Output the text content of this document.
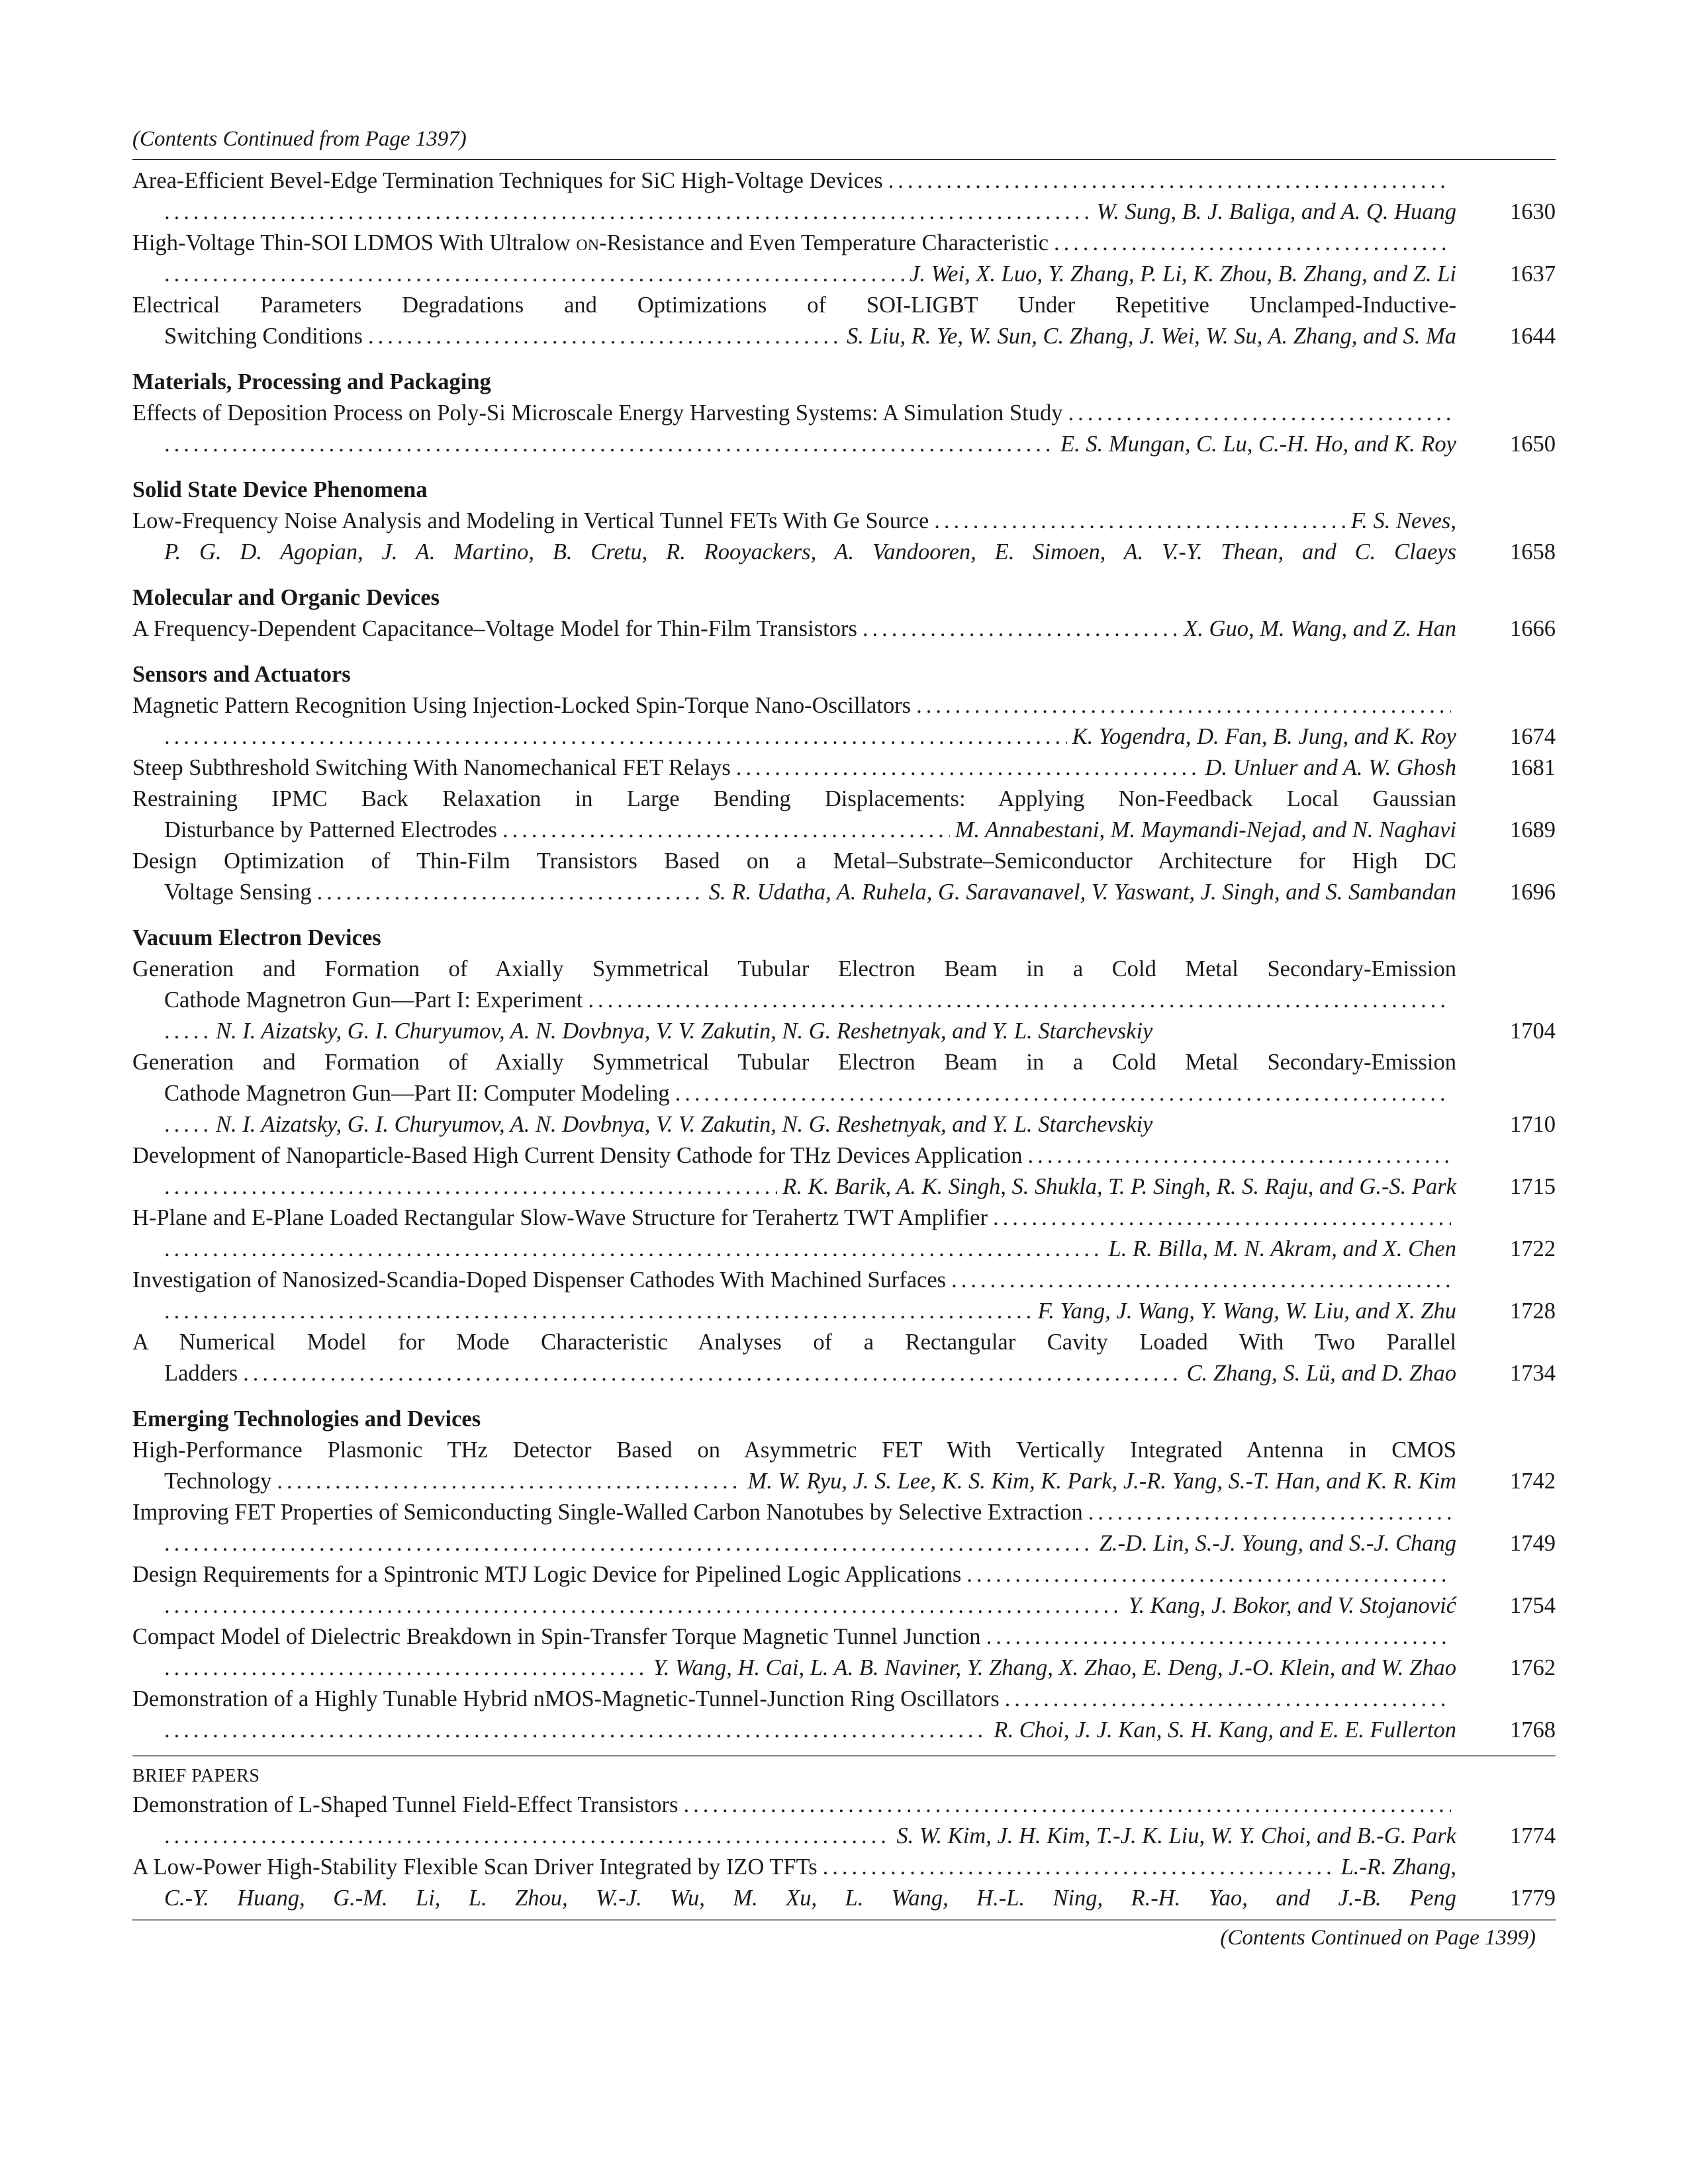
(Contents Continued from Page 1397)
Area-Efficient Bevel-Edge Termination Techniques for SiC High-Voltage Devices
.....
.....
W. Sung, B. J. Baliga, and A. Q. Huang	1630
High-Voltage Thin-SOI LDMOS With Ultralow on-Resistance and Even Temperature Characteristic
.....
.....
J. Wei, X. Luo, Y. Zhang, P. Li, K. Zhou, B. Zhang, and Z. Li	1637
Electrical Parameters Degradations and Optimizations of SOI-LIGBT Under Repetitive Unclamped-Inductive-
Switching Conditions .....	S. Liu, R. Ye, W. Sun, C. Zhang, J. Wei, W. Su, A. Zhang, and S. Ma	1644
Materials, Processing and Packaging
Effects of Deposition Process on Poly-Si Microscale Energy Harvesting Systems: A Simulation Study
.....
.....
E. S. Mungan, C. Lu, C.-H. Ho, and K. Roy	1650
Solid State Device Phenomena
Low-Frequency Noise Analysis and Modeling in Vertical Tunnel FETs With Ge Source .....	F. S. Neves,
P. G. D. Agopian, J. A. Martino, B. Cretu, R. Rooyackers, A. Vandooren, E. Simoen, A. V.-Y. Thean, and C. Claeys	1658
Molecular and Organic Devices
A Frequency-Dependent Capacitance–Voltage Model for Thin-Film Transistors .....	X. Guo, M. Wang, and Z. Han	1666
Sensors and Actuators
Magnetic Pattern Recognition Using Injection-Locked Spin-Torque Nano-Oscillators
.....
.....
K. Yogendra, D. Fan, B. Jung, and K. Roy	1674
Steep Subthreshold Switching With Nanomechanical FET Relays .....	D. Unluer and A. W. Ghosh	1681
Restraining IPMC Back Relaxation in Large Bending Displacements: Applying Non-Feedback Local Gaussian
Disturbance by Patterned Electrodes .....	M. Annabestani, M. Maymandi-Nejad, and N. Naghavi	1689
Design Optimization of Thin-Film Transistors Based on a Metal–Substrate–Semiconductor Architecture for High DC
Voltage Sensing .....	S. R. Udatha, A. Ruhela, G. Saravanavel, V. Yaswant, J. Singh, and S. Sambandan	1696
Vacuum Electron Devices
Generation and Formation of Axially Symmetrical Tubular Electron Beam in a Cold Metal Secondary-Emission
Cathode Magnetron Gun—Part I: Experiment
.....
.....
N. I. Aizatsky, G. I. Churyumov, A. N. Dovbnya, V. V. Zakutin, N. G. Reshetnyak, and Y. L. Starchevskiy	1704
Generation and Formation of Axially Symmetrical Tubular Electron Beam in a Cold Metal Secondary-Emission
Cathode Magnetron Gun—Part II: Computer Modeling
.....
.....
N. I. Aizatsky, G. I. Churyumov, A. N. Dovbnya, V. V. Zakutin, N. G. Reshetnyak, and Y. L. Starchevskiy	1710
Development of Nanoparticle-Based High Current Density Cathode for THz Devices Application
.....
.....
R. K. Barik, A. K. Singh, S. Shukla, T. P. Singh, R. S. Raju, and G.-S. Park	1715
H-Plane and E-Plane Loaded Rectangular Slow-Wave Structure for Terahertz TWT Amplifier
.....
.....
L. R. Billa, M. N. Akram, and X. Chen	1722
Investigation of Nanosized-Scandia-Doped Dispenser Cathodes With Machined Surfaces
.....
.....
F. Yang, J. Wang, Y. Wang, W. Liu, and X. Zhu	1728
A Numerical Model for Mode Characteristic Analyses of a Rectangular Cavity Loaded With Two Parallel
Ladders .....	C. Zhang, S. Lü, and D. Zhao	1734
Emerging Technologies and Devices
High-Performance Plasmonic THz Detector Based on Asymmetric FET With Vertically Integrated Antenna in CMOS
Technology .....	M. W. Ryu, J. S. Lee, K. S. Kim, K. Park, J.-R. Yang, S.-T. Han, and K. R. Kim	1742
Improving FET Properties of Semiconducting Single-Walled Carbon Nanotubes by Selective Extraction
.....
.....
Z.-D. Lin, S.-J. Young, and S.-J. Chang	1749
Design Requirements for a Spintronic MTJ Logic Device for Pipelined Logic Applications
.....
.....
Y. Kang, J. Bokor, and V. Stojanović	1754
Compact Model of Dielectric Breakdown in Spin-Transfer Torque Magnetic Tunnel Junction
.....
.....
Y. Wang, H. Cai, L. A. B. Naviner, Y. Zhang, X. Zhao, E. Deng, J.-O. Klein, and W. Zhao	1762
Demonstration of a Highly Tunable Hybrid nMOS-Magnetic-Tunnel-Junction Ring Oscillators
.....
.....
R. Choi, J. J. Kan, S. H. Kang, and E. E. Fullerton	1768
BRIEF PAPERS
Demonstration of L-Shaped Tunnel Field-Effect Transistors
.....
.....
S. W. Kim, J. H. Kim, T.-J. K. Liu, W. Y. Choi, and B.-G. Park	1774
A Low-Power High-Stability Flexible Scan Driver Integrated by IZO TFTs .....	L.-R. Zhang,
C.-Y. Huang, G.-M. Li, L. Zhou, W.-J. Wu, M. Xu, L. Wang, H.-L. Ning, R.-H. Yao, and J.-B. Peng	1779
(Contents Continued on Page 1399)
